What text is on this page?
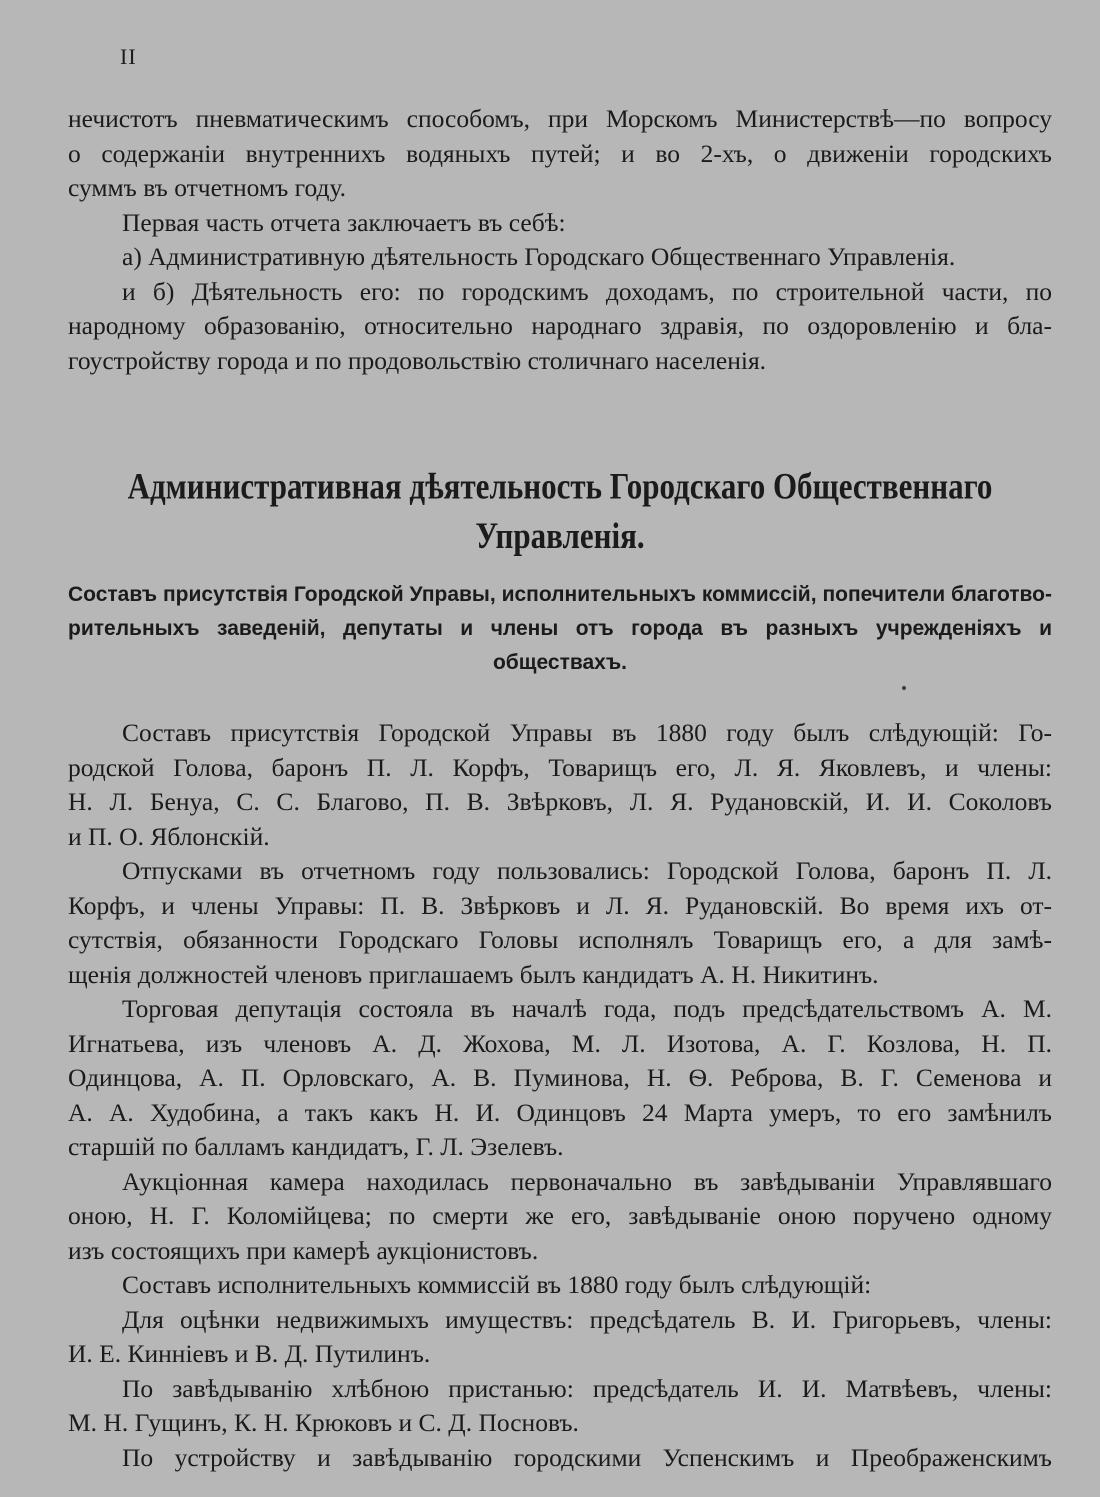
II

нечистотъ пневматическимъ способомъ, при Морскомъ Министерствѣ—по вопросу
о содержаніи внутреннихъ водяныхъ путей; и во 2-хъ, о движеніи городскихъ
суммъ въ отчетномъ году.

Первая часть отчета заключаетъ въ себѣ:

а) Административную дѣятельность Городскаго Общественнаго Управленія.

и б) Дѣятельность его: по городскимъ доходамъ, по строительной части, по
народному образованію, относительно народнаго здравія, по оздоровленію и бла-
гоустройству города и по продовольствію столичнаго населенія.

Административная дѣятельность Городскаго Общественнаго
Управленія.
Составъ присутствія Городской Управы, исполнительныхъ коммиссій, попечители благотво-
рительныхъ заведеній, депутаты и члены отъ города въ разныхъ учрежденіяхъ и
обществахъ.

Составъ присутствія Городской Управы въ 1880 году былъ слѣдующій: Го-
родской Голова, баронъ П. Л. Корфъ, Товарищъ его, Л. Я. Яковлевъ, и члены:
Н. Л. Бенуа, С. С. Благово, П. В. Звѣрковъ, Л. Я. Рудановскій, И. И. Соколовъ
и П. О. Яблонскій.

Отпусками въ отчетномъ году пользовались: Городской Голова, баронъ П. Л.
Корфъ, и члены Управы: П. В. Звѣрковъ и Л. Я. Рудановскій. Во время ихъ от-
сутствія, обязанности Городскаго Головы исполнялъ Товарищъ его, а для замѣ-
щенія должностей членовъ приглашаемъ былъ кандидатъ А. Н. Никитинъ.

Торговая депутація состояла въ началѣ года, подъ предсѣдательствомъ А. М.
Игнатьева, изъ членовъ А. Д. Жохова, М. Л. Изотова, А. Г. Козлова, Н. П.
Одинцова, А. П. Орловскаго, А. В. Пуминова, Н. Ѳ. Реброва, В. Г. Семенова и
А. А. Худобина, а такъ какъ Н. И. Одинцовъ 24 Марта умеръ, то его замѣнилъ
старшій по балламъ кандидатъ, Г. Л. Эзелевъ.

Аукціонная камера находилась первоначально въ завѣдываніи Управлявшаго
оною, Н. Г. Коломійцева; по смерти же его, завѣдываніе оною поручено одному
изъ состоящихъ при камерѣ аукціонистовъ.

Составъ исполнительныхъ коммиссій въ 1880 году былъ слѣдующій:

Для оцѣнки недвижимыхъ имуществъ: предсѣдатель В. И. Григорьевъ, члены:
И. Е. Кинніевъ и В. Д. Путилинъ.

По завѣдыванію хлѣбною пристанью: предсѣдатель И. И. Матвѣевъ, члены:
М. Н. Гущинъ, К. Н. Крюковъ и С. Д. Посновъ.

По устройству и завѣдыванію городскими Успенскимъ и Преображенскимъ
